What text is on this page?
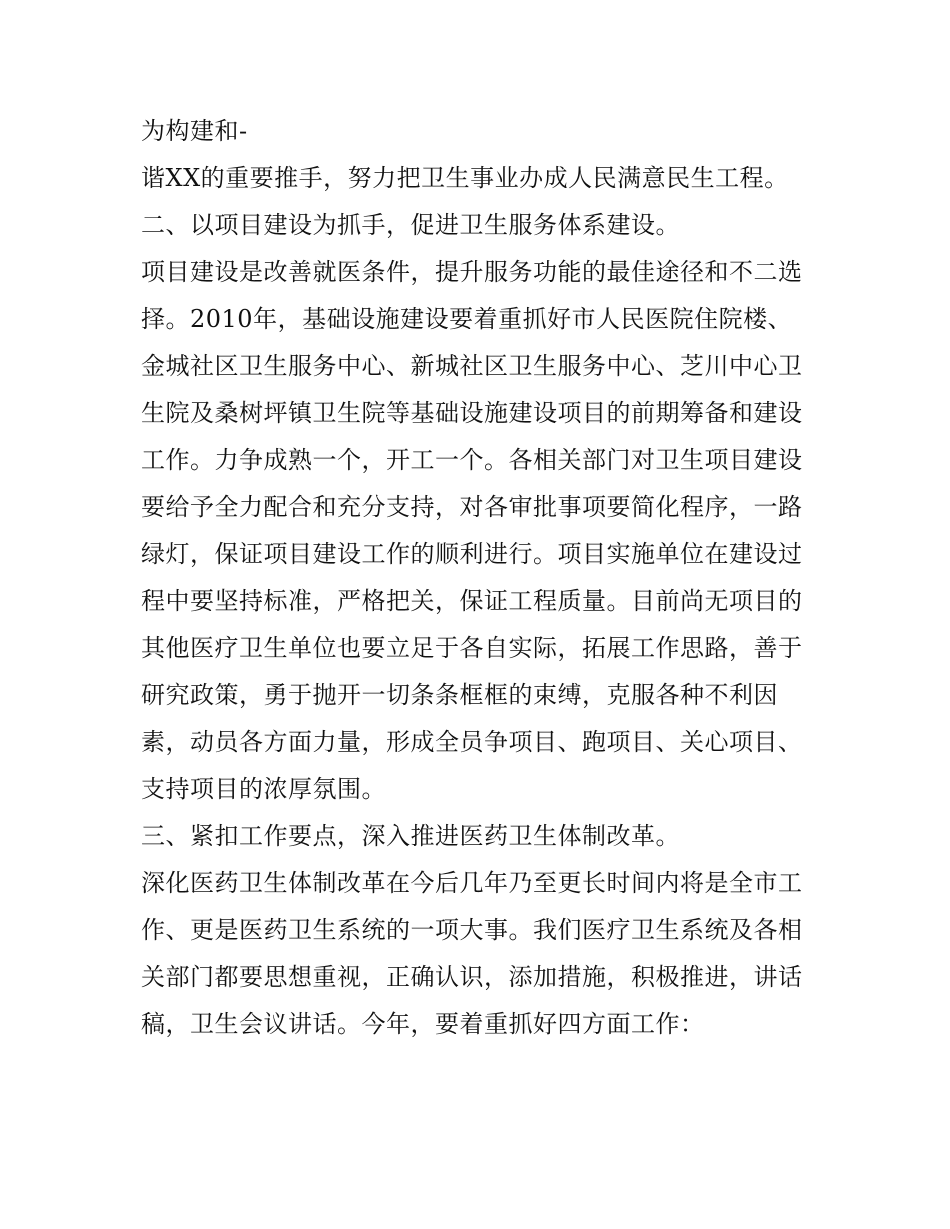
为构建和-
谐XX的重要推手，努力把卫生事业办成人民满意民生工程。
二、以项目建设为抓手，促进卫生服务体系建设。
项目建设是改善就医条件，提升服务功能的最佳途径和不二选
择。2010年，基础设施建设要着重抓好市人民医院住院楼、
金城社区卫生服务中心、新城社区卫生服务中心、芝川中心卫
生院及桑树坪镇卫生院等基础设施建设项目的前期筹备和建设
工作。力争成熟一个，开工一个。各相关部门对卫生项目建设
要给予全力配合和充分支持，对各审批事项要简化程序，一路
绿灯，保证项目建设工作的顺利进行。项目实施单位在建设过
程中要坚持标准，严格把关，保证工程质量。目前尚无项目的
其他医疗卫生单位也要立足于各自实际，拓展工作思路，善于
研究政策，勇于抛开一切条条框框的束缚，克服各种不利因
素，动员各方面力量，形成全员争项目、跑项目、关心项目、
支持项目的浓厚氛围。
三、紧扣工作要点，深入推进医药卫生体制改革。
深化医药卫生体制改革在今后几年乃至更长时间内将是全市工
作、更是医药卫生系统的一项大事。我们医疗卫生系统及各相
关部门都要思想重视，正确认识，添加措施，积极推进，讲话
稿，卫生会议讲话。今年，要着重抓好四方面工作：
